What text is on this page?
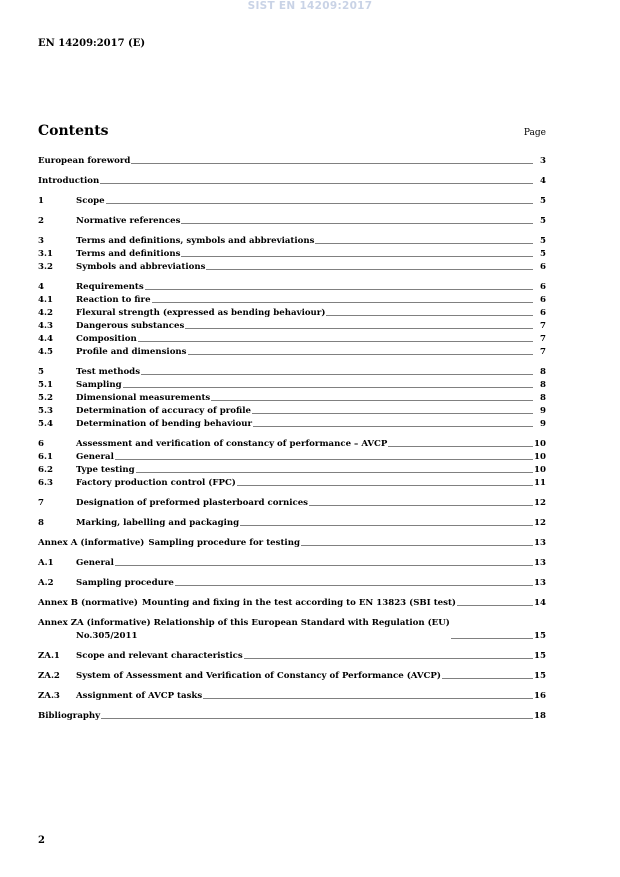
SIST EN 14209:2017
EN 14209:2017 (E)
Contents	Page
European foreword	3
Introduction	4
1	Scope	5
2	Normative references	5
3	Terms and definitions, symbols and abbreviations	5
3.1	Terms and definitions	5
3.2	Symbols and abbreviations	6
4	Requirements	6
4.1	Reaction to fire	6
4.2	Flexural strength (expressed as bending behaviour)	6
4.3	Dangerous substances	7
4.4	Composition	7
4.5	Profile and dimensions	7
5	Test methods	8
5.1	Sampling	8
5.2	Dimensional measurements	8
5.3	Determination of accuracy of profile	9
5.4	Determination of bending behaviour	9
6	Assessment and verification of constancy of performance – AVCP	10
6.1	General	10
6.2	Type testing	10
6.3	Factory production control (FPC)	11
7	Designation of preformed plasterboard cornices	12
8	Marking, labelling and packaging	12
Annex A (informative) Sampling procedure for testing	13
A.1	General	13
A.2	Sampling procedure	13
Annex B (normative) Mounting and fixing in the test according to EN 13823 (SBI test)	14
Annex ZA (informative) Relationship of this European Standard with Regulation (EU)
No.305/2011	15
ZA.1	Scope and relevant characteristics	15
ZA.2	System of Assessment and Verification of Constancy of Performance (AVCP)	15
ZA.3	Assignment of AVCP tasks	16
Bibliography	18
2
